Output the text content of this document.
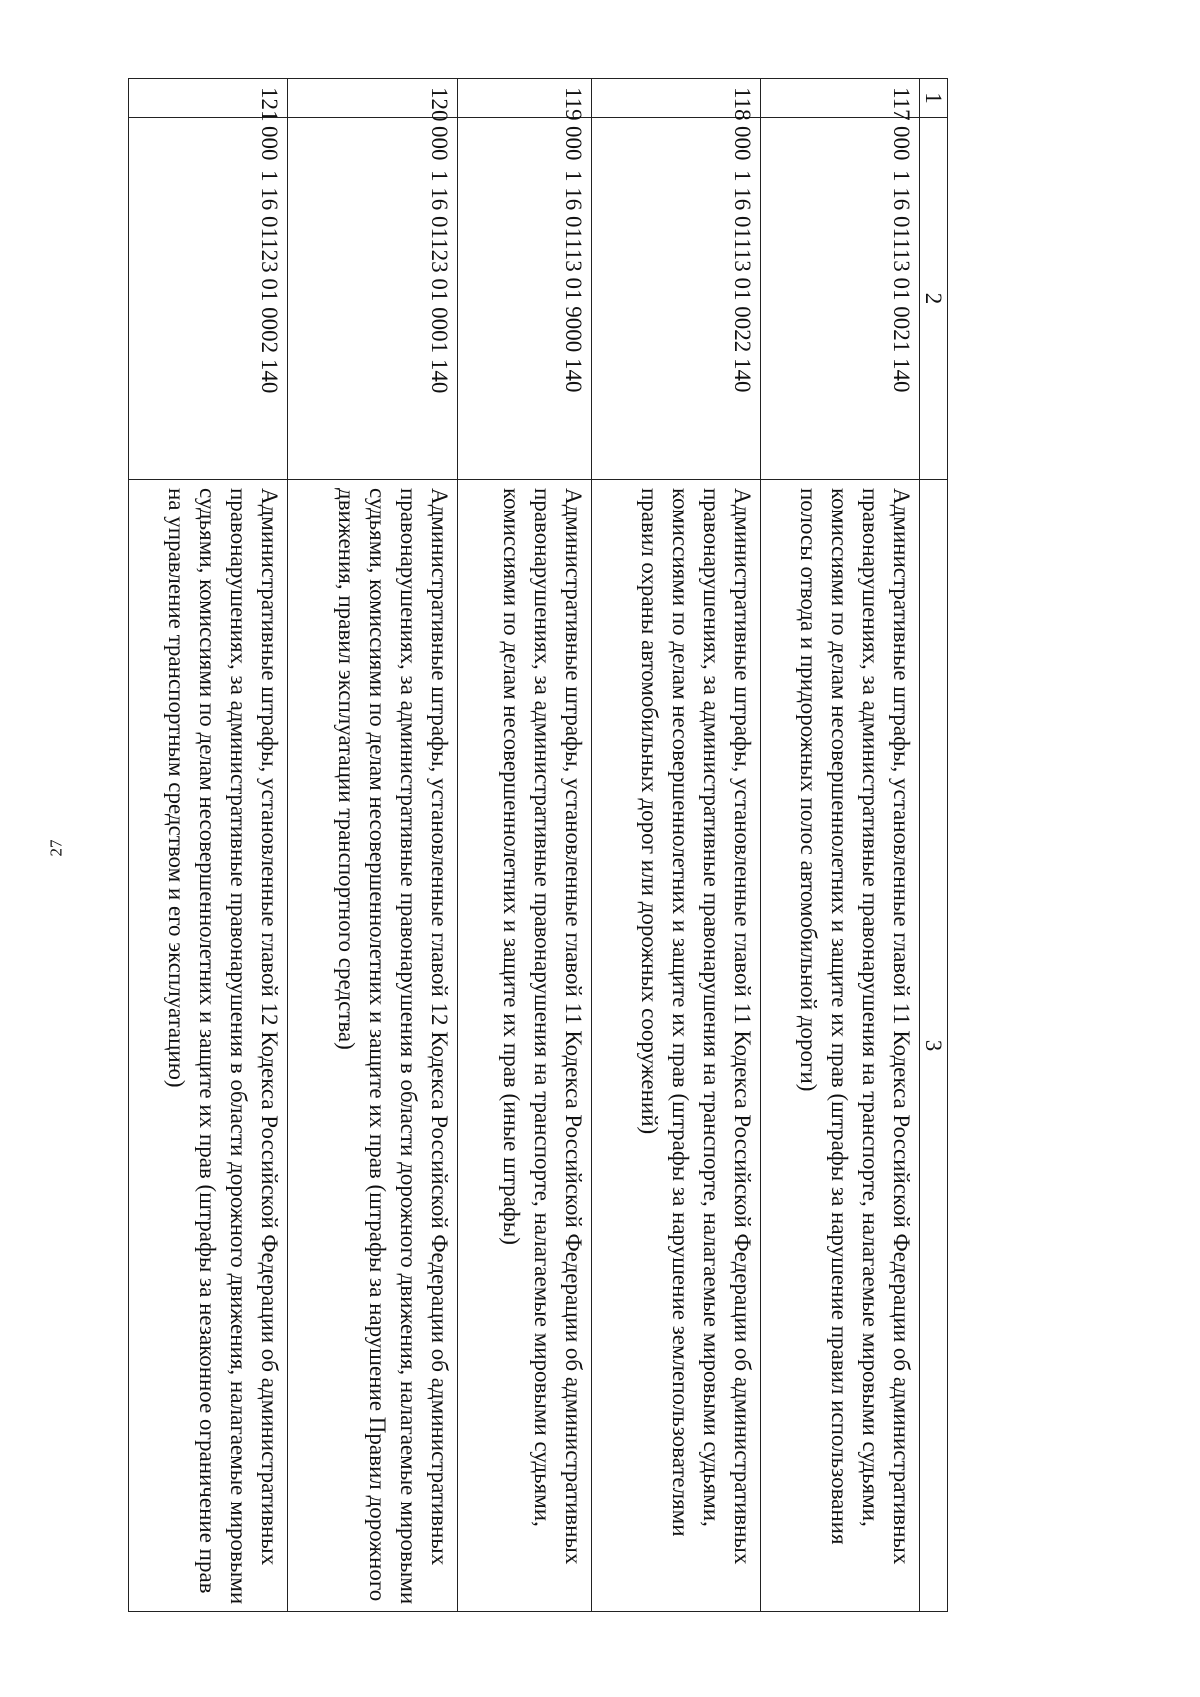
27
1	2	3
117	0001 16 01113 01 0021 140	Административные штрафы, установленные главой 11 Кодекса Российской Федерации об административных правонарушениях, за административные правонарушения на транспорте, налагаемые мировыми судьями, комиссиями по делам несовершеннолетних и защите их прав (штрафы за нарушение правил использования полосы отвода и придорожных полос автомобильной дороги)
118	0001 16 01113 01 0022 140	Административные штрафы, установленные главой 11 Кодекса Российской Федерации об административных правонарушениях, за административные правонарушения на транспорте, налагаемые мировыми судьями, комиссиями по делам несовершеннолетних и защите их прав (штрафы за нарушение землепользователями правил охраны автомобильных дорог или дорожных сооружений)
119	0001 16 01113 01 9000 140	Административные штрафы, установленные главой 11 Кодекса Российской Федерации об административных правонарушениях, за административные правонарушения на транспорте, налагаемые мировыми судьями, комиссиями по делам несовершеннолетних и защите их прав (иные штрафы)
120	0001 16 01123 01 0001 140	Административные штрафы, установленные главой 12 Кодекса Российской Федерации об административных правонарушениях, за административные правонарушения в области дорожного движения, налагаемые мировыми судьями, комиссиями по делам несовершеннолетних и защите их прав (штрафы за нарушение Правил дорожного движения, правил эксплуатации транспортного средства)
121	0001 16 01123 01 0002 140	Административные штрафы, установленные главой 12 Кодекса Российской Федерации об административных правонарушениях, за административные правонарушения в области дорожного движения, налагаемые мировыми судьями, комиссиями по делам несовершеннолетних и защите их прав (штрафы за незаконное ограничение прав на управление транспортным средством и его эксплуатацию)
